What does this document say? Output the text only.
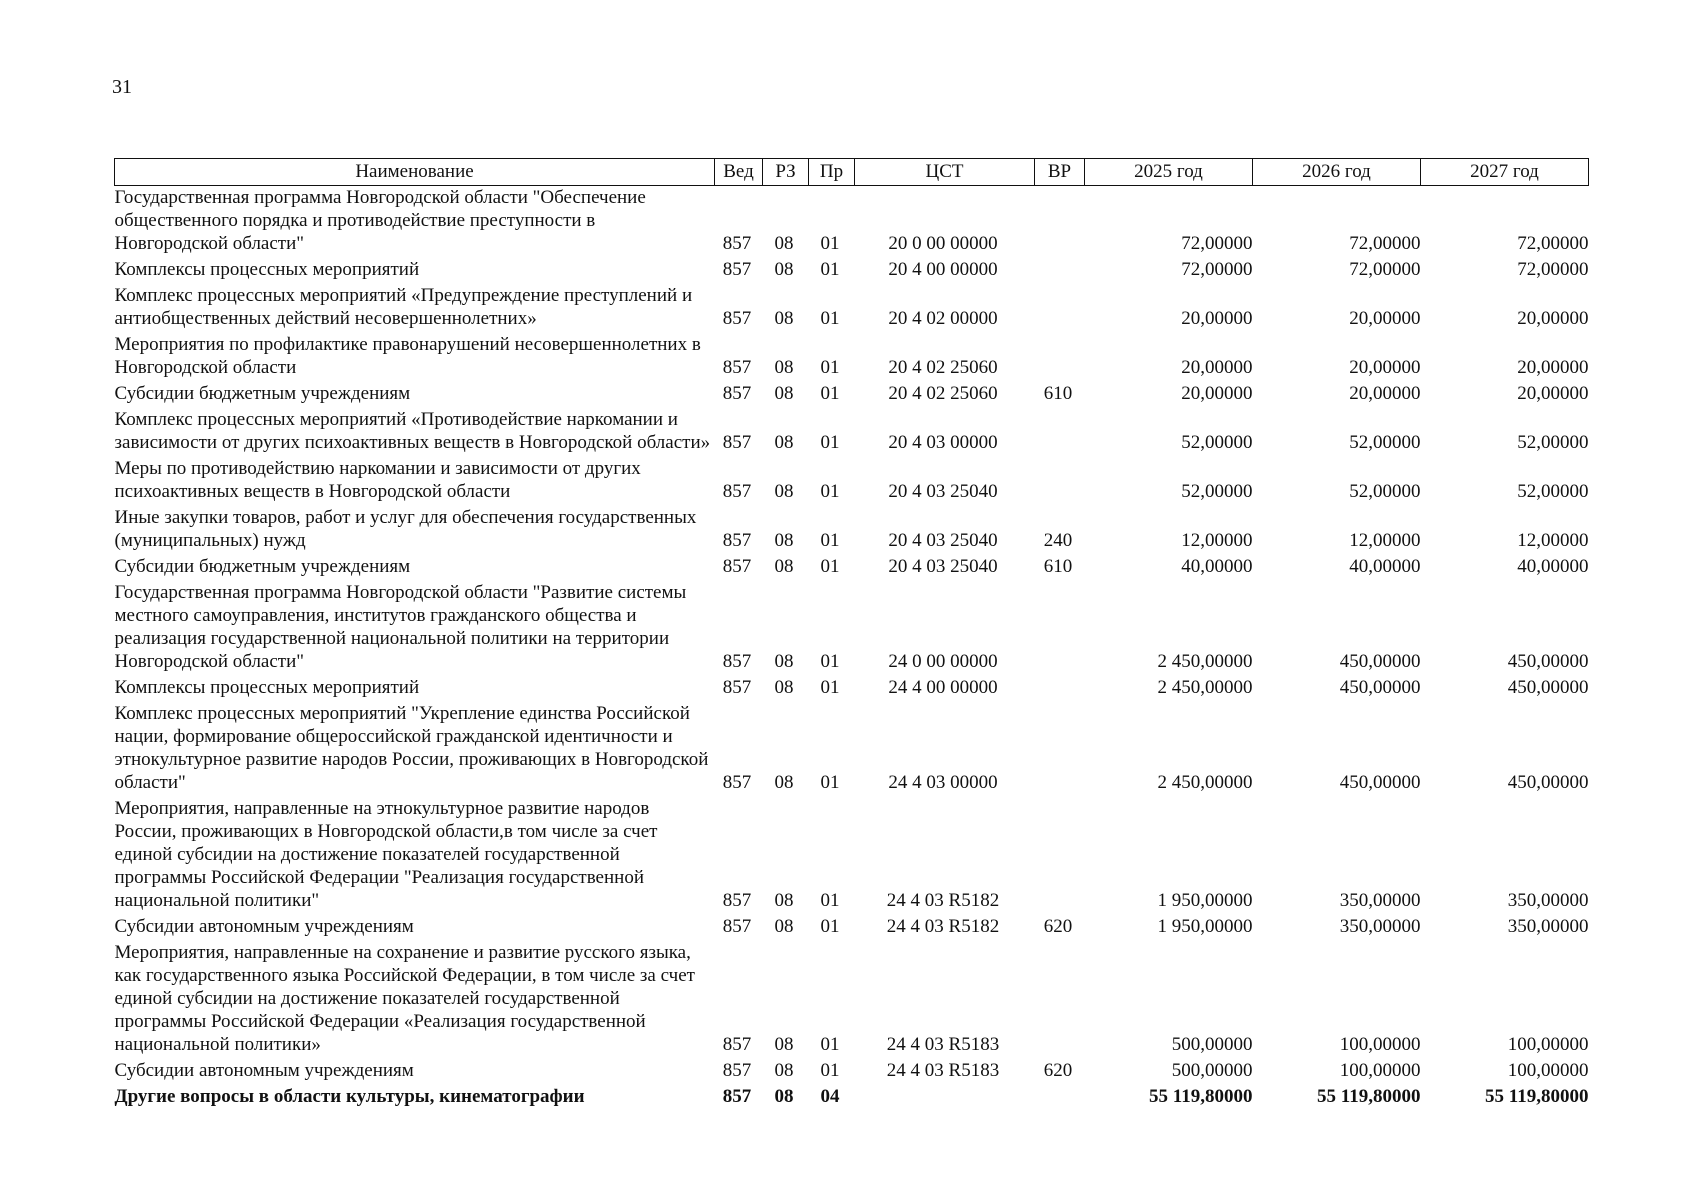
31
Наименование	Вед	РЗ	Пр	ЦСТ	ВР	2025 год	2026 год	2027 год
Государственная программа Новгородской области "Обеспечение общественного порядка и противодействие преступности в Новгородской области"	857	08	01	20 0 00 00000		72,00000	72,00000	72,00000
Комплексы процессных мероприятий	857	08	01	20 4 00 00000		72,00000	72,00000	72,00000
Комплекс процессных мероприятий «Предупреждение преступлений и антиобщественных действий несовершеннолетних»	857	08	01	20 4 02 00000		20,00000	20,00000	20,00000
Мероприятия по профилактике правонарушений несовершеннолетних в Новгородской области	857	08	01	20 4 02 25060		20,00000	20,00000	20,00000
Субсидии бюджетным учреждениям	857	08	01	20 4 02 25060	610	20,00000	20,00000	20,00000
Комплекс процессных мероприятий «Противодействие наркомании и зависимости от других психоактивных веществ в Новгородской области»	857	08	01	20 4 03 00000		52,00000	52,00000	52,00000
Меры по противодействию наркомании и зависимости от других психоактивных веществ в Новгородской области	857	08	01	20 4 03 25040		52,00000	52,00000	52,00000
Иные закупки товаров, работ и услуг для обеспечения государственных (муниципальных) нужд	857	08	01	20 4 03 25040	240	12,00000	12,00000	12,00000
Субсидии бюджетным учреждениям	857	08	01	20 4 03 25040	610	40,00000	40,00000	40,00000
Государственная программа Новгородской области "Развитие системы местного самоуправления, институтов гражданского общества и реализация государственной национальной политики на территории Новгородской области"	857	08	01	24 0 00 00000		2 450,00000	450,00000	450,00000
Комплексы процессных мероприятий	857	08	01	24 4 00 00000		2 450,00000	450,00000	450,00000
Комплекс процессных мероприятий "Укрепление единства Российской нации, формирование общероссийской гражданской идентичности и этнокультурное развитие народов России, проживающих в Новгородской области"	857	08	01	24 4 03 00000		2 450,00000	450,00000	450,00000
Мероприятия, направленные на этнокультурное развитие народов России, проживающих в Новгородской области,в том числе за счет единой субсидии на достижение показателей государственной программы Российской Федерации "Реализация государственной национальной политики"	857	08	01	24 4 03 R5182		1 950,00000	350,00000	350,00000
Субсидии автономным учреждениям	857	08	01	24 4 03 R5182	620	1 950,00000	350,00000	350,00000
Мероприятия, направленные на сохранение и развитие русского языка, как государственного языка Российской Федерации, в том числе за счет единой субсидии на достижение показателей государственной программы Российской Федерации «Реализация государственной национальной политики»	857	08	01	24 4 03 R5183		500,00000	100,00000	100,00000
Субсидии автономным учреждениям	857	08	01	24 4 03 R5183	620	500,00000	100,00000	100,00000
Другие вопросы в области культуры, кинематографии	857	08	04			55 119,80000	55 119,80000	55 119,80000
